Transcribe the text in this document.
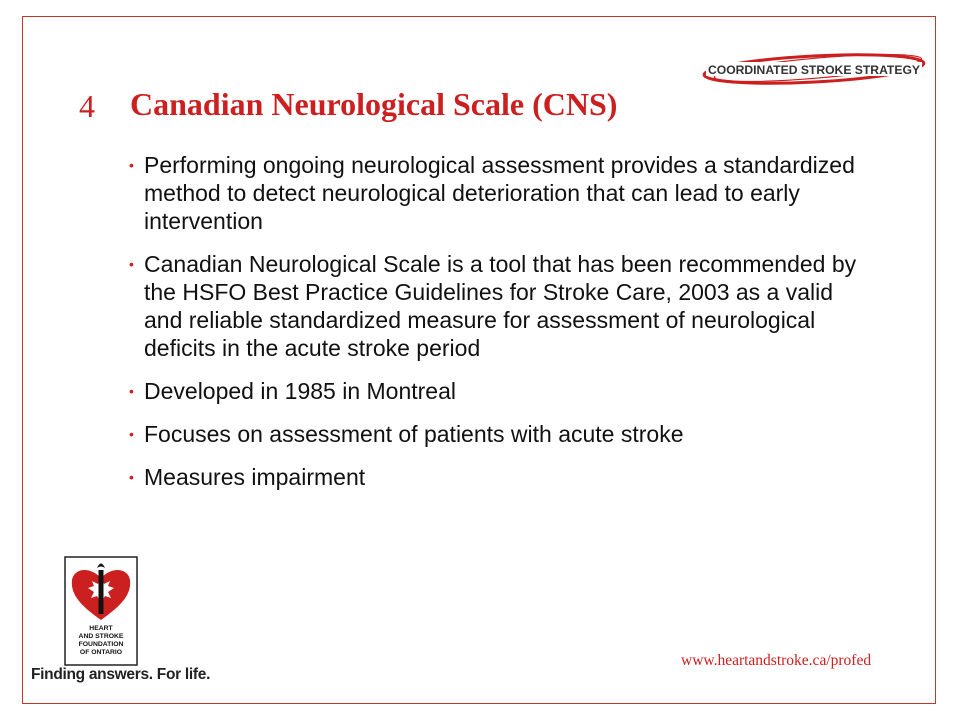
COORDINATED STROKE STRATEGY
4 Canadian Neurological Scale (CNS)
• Performing ongoing neurological assessment provides a standardized method to detect neurological deterioration that can lead to early intervention
• Canadian Neurological Scale is a tool that has been recommended by the HSFO Best Practice Guidelines for Stroke Care, 2003 as a valid and reliable standardized measure for assessment of neurological deficits in the acute stroke period
• Developed in 1985 in Montreal
• Focuses on assessment of patients with acute stroke
• Measures impairment
HEART
AND STROKE
FOUNDATION
OF ONTARIO
Finding answers. For life.
www.heartandstroke.ca/profed
